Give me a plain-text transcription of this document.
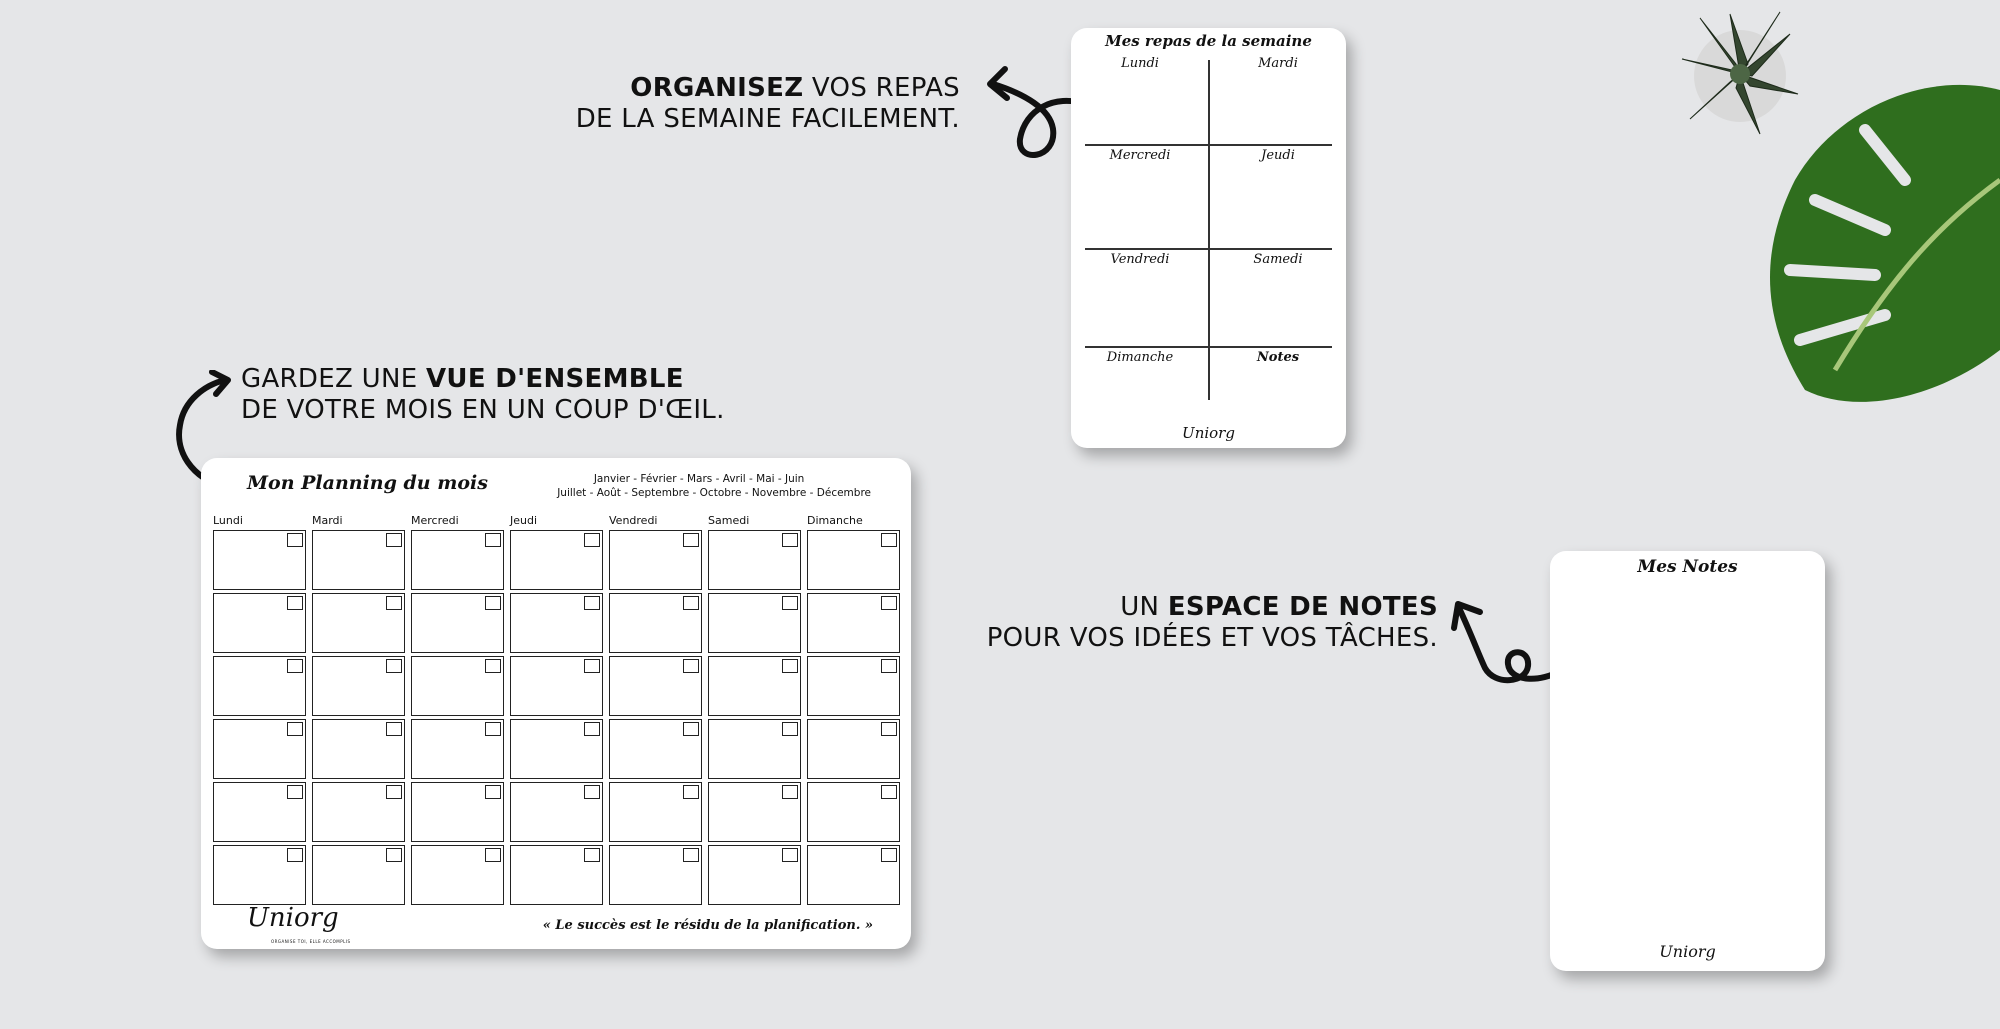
ORGANISEZ VOS REPAS
DE LA SEMAINE FACILEMENT.
Mes repas de la semaine
Lundi	Mardi
Mercredi	Jeudi
Vendredi	Samedi
Dimanche	Notes
Uniorg
GARDEZ UNE VUE D'ENSEMBLE
DE VOTRE MOIS EN UN COUP D'ŒIL.
Mon Planning du mois	Janvier - Février - Mars - Avril - Mai - Juin
Juillet - Août - Septembre - Octobre - Novembre - Décembre
Uniorg
ORGANISE TOI, ELLE ACCOMPLIS
« Le succès est le résidu de la planification. »
Lundi	Mardi	Mercredi	Jeudi	Vendredi	Samedi	Dimanche
UN ESPACE DE NOTES
POUR VOS IDÉES ET VOS TÂCHES.
Mes Notes
Uniorg
